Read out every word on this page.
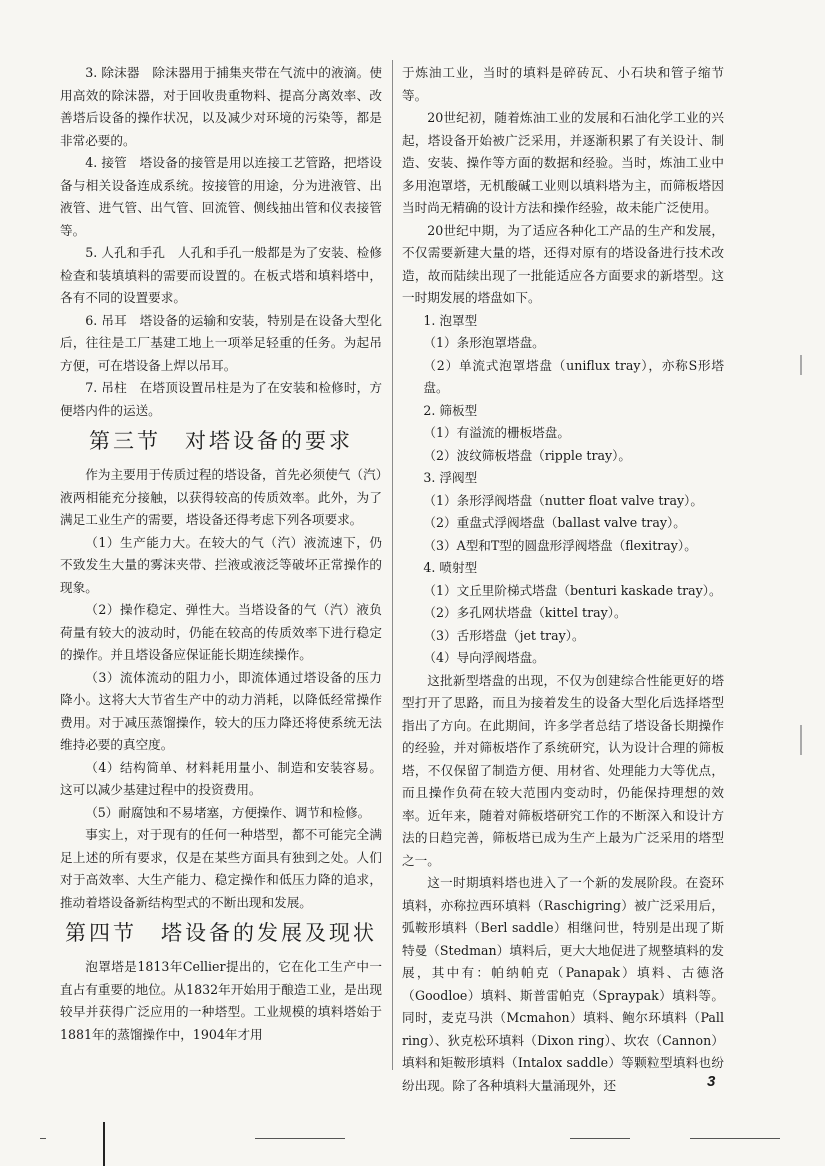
3. 除沫器　除沫器用于捕集夹带在气流中的液滴。使用高效的除沫器，对于回收贵重物料、提高分离效率、改善塔后设备的操作状况，以及减少对环境的污染等，都是非常必要的。

4. 接管　塔设备的接管是用以连接工艺管路，把塔设备与相关设备连成系统。按接管的用途，分为进液管、出液管、进气管、出气管、回流管、侧线抽出管和仪表接管等。

5. 人孔和手孔　人孔和手孔一般都是为了安装、检修检查和装填填料的需要而设置的。在板式塔和填料塔中，各有不同的设置要求。

6. 吊耳　塔设备的运输和安装，特别是在设备大型化后，往往是工厂基建工地上一项举足轻重的任务。为起吊方便，可在塔设备上焊以吊耳。

7. 吊柱　在塔顶设置吊柱是为了在安装和检修时，方便塔内件的运送。

第三节　对塔设备的要求

作为主要用于传质过程的塔设备，首先必须使气（汽）液两相能充分接触，以获得较高的传质效率。此外，为了满足工业生产的需要，塔设备还得考虑下列各项要求。

（1）生产能力大。在较大的气（汽）液流速下，仍不致发生大量的雾沫夹带、拦液或液泛等破坏正常操作的现象。

（2）操作稳定、弹性大。当塔设备的气（汽）液负荷量有较大的波动时，仍能在较高的传质效率下进行稳定的操作。并且塔设备应保证能长期连续操作。

（3）流体流动的阻力小，即流体通过塔设备的压力降小。这将大大节省生产中的动力消耗，以降低经常操作费用。对于减压蒸馏操作，较大的压力降还将使系统无法维持必要的真空度。

（4）结构简单、材料耗用量小、制造和安装容易。这可以减少基建过程中的投资费用。

（5）耐腐蚀和不易堵塞，方便操作、调节和检修。

事实上，对于现有的任何一种塔型，都不可能完全满足上述的所有要求，仅是在某些方面具有独到之处。人们对于高效率、大生产能力、稳定操作和低压力降的追求，推动着塔设备新结构型式的不断出现和发展。

第四节　塔设备的发展及现状

泡罩塔是1813年Cellier提出的，它在化工生产中一直占有重要的地位。从1832年开始用于酿造工业，是出现较早并获得广泛应用的一种塔型。工业规模的填料塔始于1881年的蒸馏操作中，1904年才用

于炼油工业，当时的填料是碎砖瓦、小石块和管子缩节等。

20世纪初，随着炼油工业的发展和石油化学工业的兴起，塔设备开始被广泛采用，并逐渐积累了有关设计、制造、安装、操作等方面的数据和经验。当时，炼油工业中多用泡罩塔，无机酸碱工业则以填料塔为主，而筛板塔因当时尚无精确的设计方法和操作经验，故未能广泛使用。

20世纪中期，为了适应各种化工产品的生产和发展，不仅需要新建大量的塔，还得对原有的塔设备进行技术改造，故而陆续出现了一批能适应各方面要求的新塔型。这一时期发展的塔盘如下。

1. 泡罩型

（1）条形泡罩塔盘。

（2）单流式泡罩塔盘（uniflux tray），亦称S形塔盘。

2. 筛板型

（1）有溢流的栅板塔盘。

（2）波纹筛板塔盘（ripple tray）。

3. 浮阀型

（1）条形浮阀塔盘（nutter float valve tray）。

（2）重盘式浮阀塔盘（ballast valve tray）。

（3）A型和T型的圆盘形浮阀塔盘（flexitray）。

4. 喷射型

（1）文丘里阶梯式塔盘（benturi kaskade tray）。

（2）多孔网状塔盘（kittel tray）。

（3）舌形塔盘（jet tray）。

（4）导向浮阀塔盘。

这批新型塔盘的出现，不仅为创建综合性能更好的塔型打开了思路，而且为接着发生的设备大型化后选择塔型指出了方向。在此期间，许多学者总结了塔设备长期操作的经验，并对筛板塔作了系统研究，认为设计合理的筛板塔，不仅保留了制造方便、用材省、处理能力大等优点，而且操作负荷在较大范围内变动时，仍能保持理想的效率。近年来，随着对筛板塔研究工作的不断深入和设计方法的日趋完善，筛板塔已成为生产上最为广泛采用的塔型之一。

这一时期填料塔也进入了一个新的发展阶段。在瓷环填料，亦称拉西环填料（Raschigring）被广泛采用后，弧鞍形填料（Berl saddle）相继问世，特别是出现了斯特曼（Stedman）填料后，更大大地促进了规整填料的发展，其中有：帕纳帕克（Panapak）填料、古德洛（Goodloe）填料、斯普雷帕克（Spraypak）填料等。同时，麦克马洪（Mcmahon）填料、鲍尔环填料（Pall ring）、狄克松环填料（Dixon ring）、坎农（Cannon）填料和矩鞍形填料（Intalox saddle）等颗粒型填料也纷纷出现。除了各种填料大量涌现外，还	3
